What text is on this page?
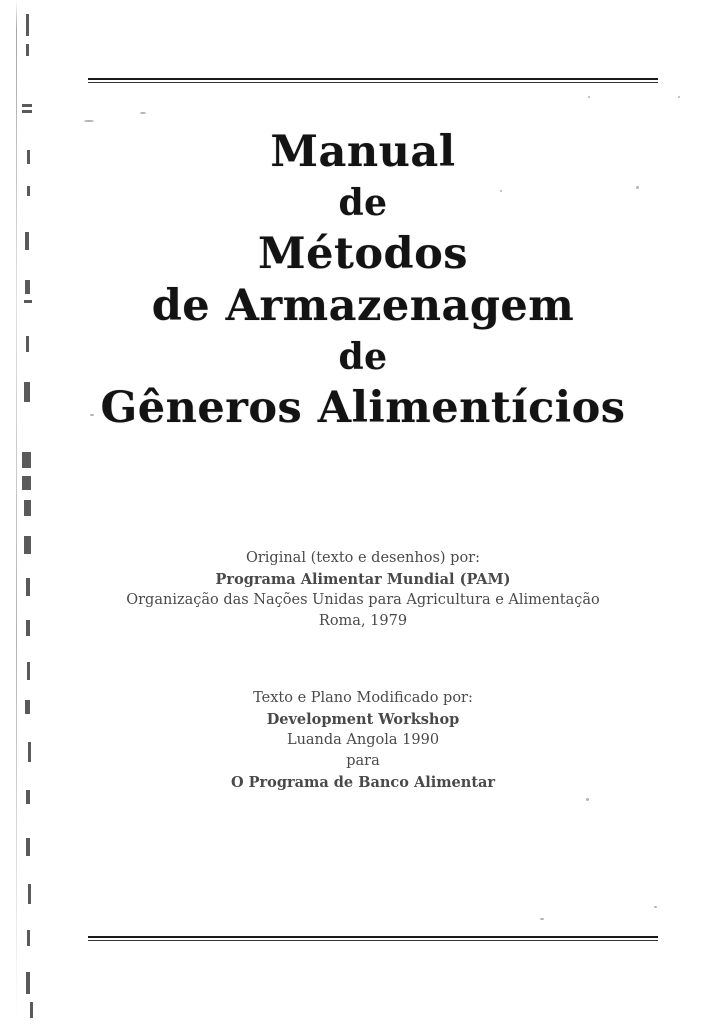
Manual
de
Métodos
de Armazenagem
de
Gêneros Alimentícios
Original (texto e desenhos) por:
Programa Alimentar Mundial (PAM)
Organização das Nações Unidas para Agricultura e Alimentação
Roma, 1979
Texto e Plano Modificado por:
Development Workshop
Luanda Angola 1990
para
O Programa de Banco Alimentar
